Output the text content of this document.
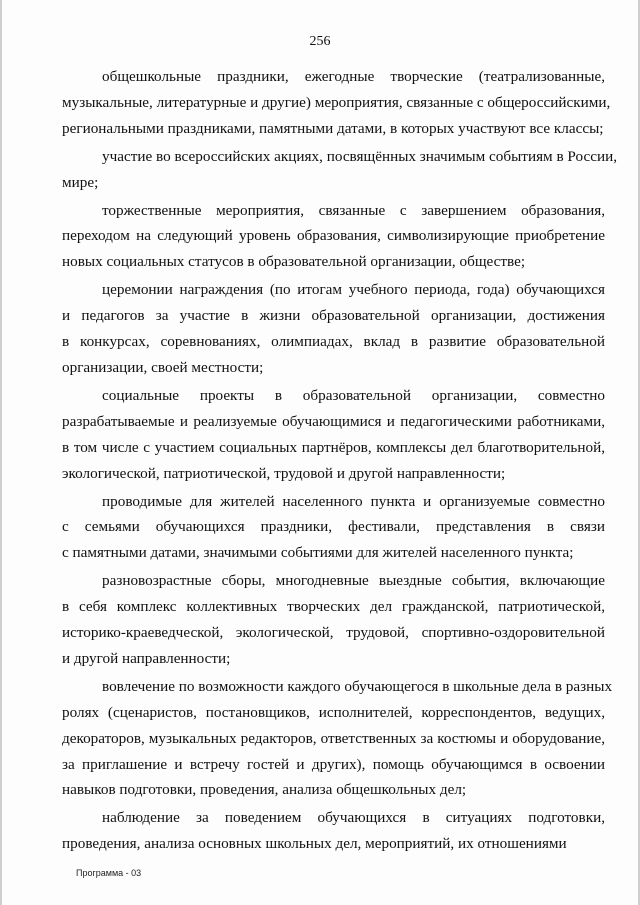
256

общешкольные праздники, ежегодные творческие (театрализованные,
музыкальные, литературные и другие) мероприятия, связанные с общероссийскими,
региональными праздниками, памятными датами, в которых участвуют все классы;

участие во всероссийских акциях, посвящённых значимым событиям в России,
мире;

торжественные мероприятия, связанные с завершением образования,
переходом на следующий уровень образования, символизирующие приобретение
новых социальных статусов в образовательной организации, обществе;

церемонии награждения (по итогам учебного периода, года) обучающихся
и педагогов за участие в жизни образовательной организации, достижения
в конкурсах, соревнованиях, олимпиадах, вклад в развитие образовательной
организации, своей местности;

социальные проекты в образовательной организации, совместно
разрабатываемые и реализуемые обучающимися и педагогическими работниками,
в том числе с участием социальных партнёров, комплексы дел благотворительной,
экологической, патриотической, трудовой и другой направленности;

проводимые для жителей населенного пункта и организуемые совместно
с семьями обучающихся праздники, фестивали, представления в связи
с памятными датами, значимыми событиями для жителей населенного пункта;

разновозрастные сборы, многодневные выездные события, включающие
в себя комплекс коллективных творческих дел гражданской, патриотической,
историко-краеведческой, экологической, трудовой, спортивно-оздоровительной
и другой направленности;

вовлечение по возможности каждого обучающегося в школьные дела в разных
ролях (сценаристов, постановщиков, исполнителей, корреспондентов, ведущих,
декораторов, музыкальных редакторов, ответственных за костюмы и оборудование,
за приглашение и встречу гостей и других), помощь обучающимся в освоении
навыков подготовки, проведения, анализа общешкольных дел;

наблюдение за поведением обучающихся в ситуациях подготовки,
проведения, анализа основных школьных дел, мероприятий, их отношениями

Программа - 03
